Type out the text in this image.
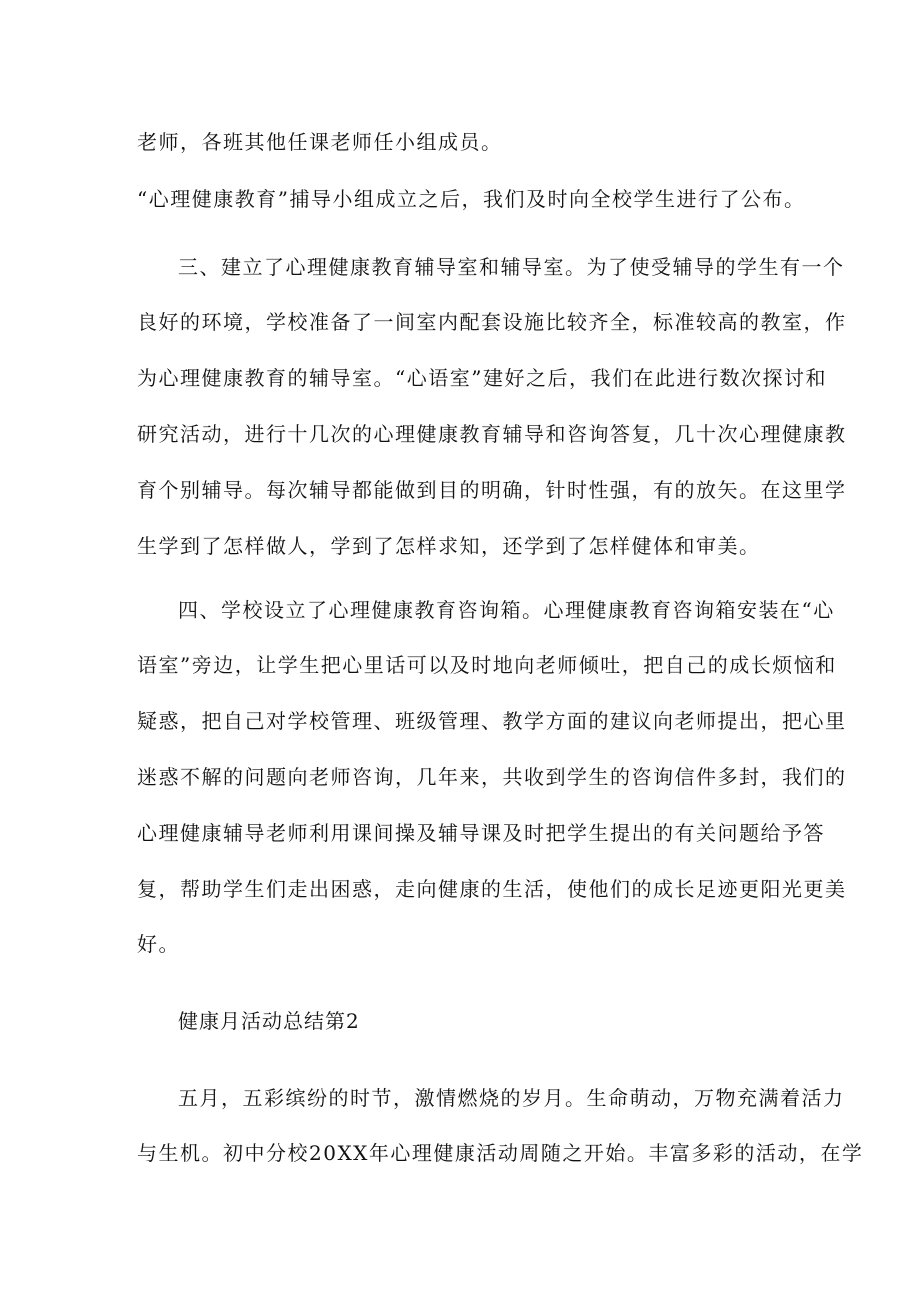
老师，各班其他任课老师任小组成员。
“心理健康教育”捕导小组成立之后，我们及时向全校学生进行了公布。
三、建立了心理健康教育辅导室和辅导室。为了使受辅导的学生有一个
良好的环境，学校准备了一间室内配套设施比较齐全，标准较高的教室，作
为心理健康教育的辅导室。“心语室”建好之后，我们在此进行数次探讨和
研究活动，进行十几次的心理健康教育辅导和咨询答复，几十次心理健康教
育个别辅导。每次辅导都能做到目的明确，针时性强，有的放矢。在这里学
生学到了怎样做人，学到了怎样求知，还学到了怎样健体和审美。
四、学校设立了心理健康教育咨询箱。心理健康教育咨询箱安装在“心
语室”旁边，让学生把心里话可以及时地向老师倾吐，把自己的成长烦恼和
疑惑，把自己对学校管理、班级管理、教学方面的建议向老师提出，把心里
迷惑不解的问题向老师咨询，几年来，共收到学生的咨询信件多封，我们的
心理健康辅导老师利用课间操及辅导课及时把学生提出的有关问题给予答
复，帮助学生们走出困惑，走向健康的生活，使他们的成长足迹更阳光更美
好。
健康月活动总结第2
五月，五彩缤纷的时节，激情燃烧的岁月。生命萌动，万物充满着活力
与生机。初中分校20XX年心理健康活动周随之开始。丰富多彩的活动，在学
